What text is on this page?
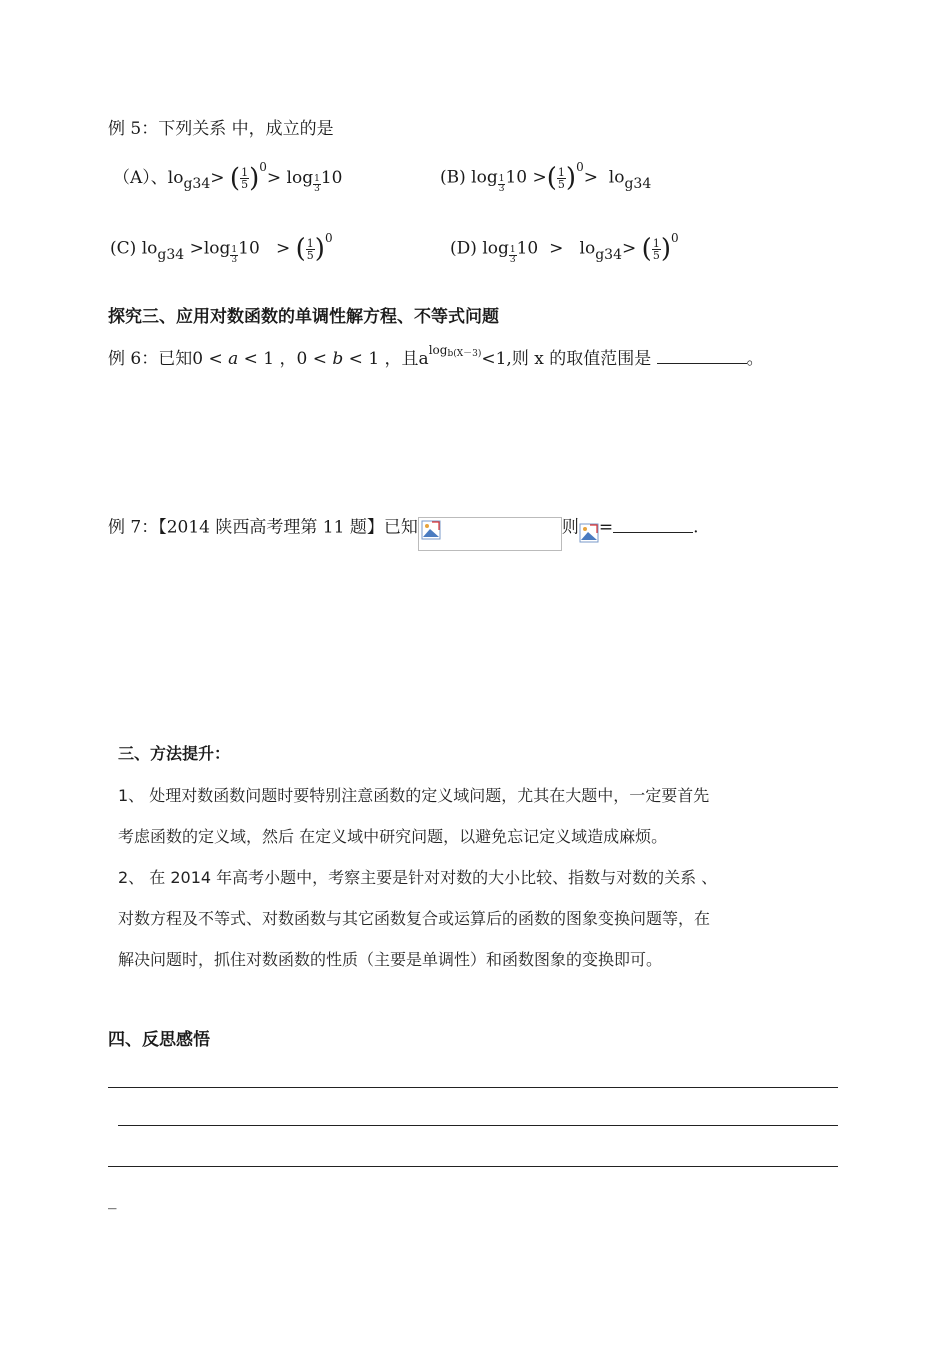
例 5：下列关系 中，成立的是
（A）、$lo_{g34}>$ ( $\frac{1}{5} )^0> \log \frac{1}{3} 10$	(B) $\log \frac{1}{3} 10$ >( $\frac{1}{5} )^0> lo_{g34}$
(C) $lo_{g34} >\log \frac{1}{3} 10$ > ( $\frac{1}{5} )^0$
(D) $\log \frac{1}{3} 10 > lo_{g34}>$ ( $\frac{1}{5} )^0$
探究三、应用对数函数的单调性解方程、不等式问题
例 6：已知0 < 𝑎 < 1 ，0 < 𝑏 < 1 ，且$a^{logb(X-3)}<1$,则 x 的取值范围是	。
例 7：【2014 陕西高考理第 11 题】已知	则 =	.
三、方法提升：
1、 处理对数函数问题时要特别注意函数的定义域问题，尤其在大题中，一定要首先
考虑函数的定义域，然后 在定义域中研究问题，以避免忘记定义域造成麻烦。
2、 在 2014 年高考小题中，考察主要是针对对数的大小比较、指数与对数的关系 、
对数方程及不等式、对数函数与其它函数复合或运算后的函数的图象变换问题等，在
解决问题时，抓住对数函数的性质（主要是单调性）和函数图象的变换即可。
四、反思感悟
_
